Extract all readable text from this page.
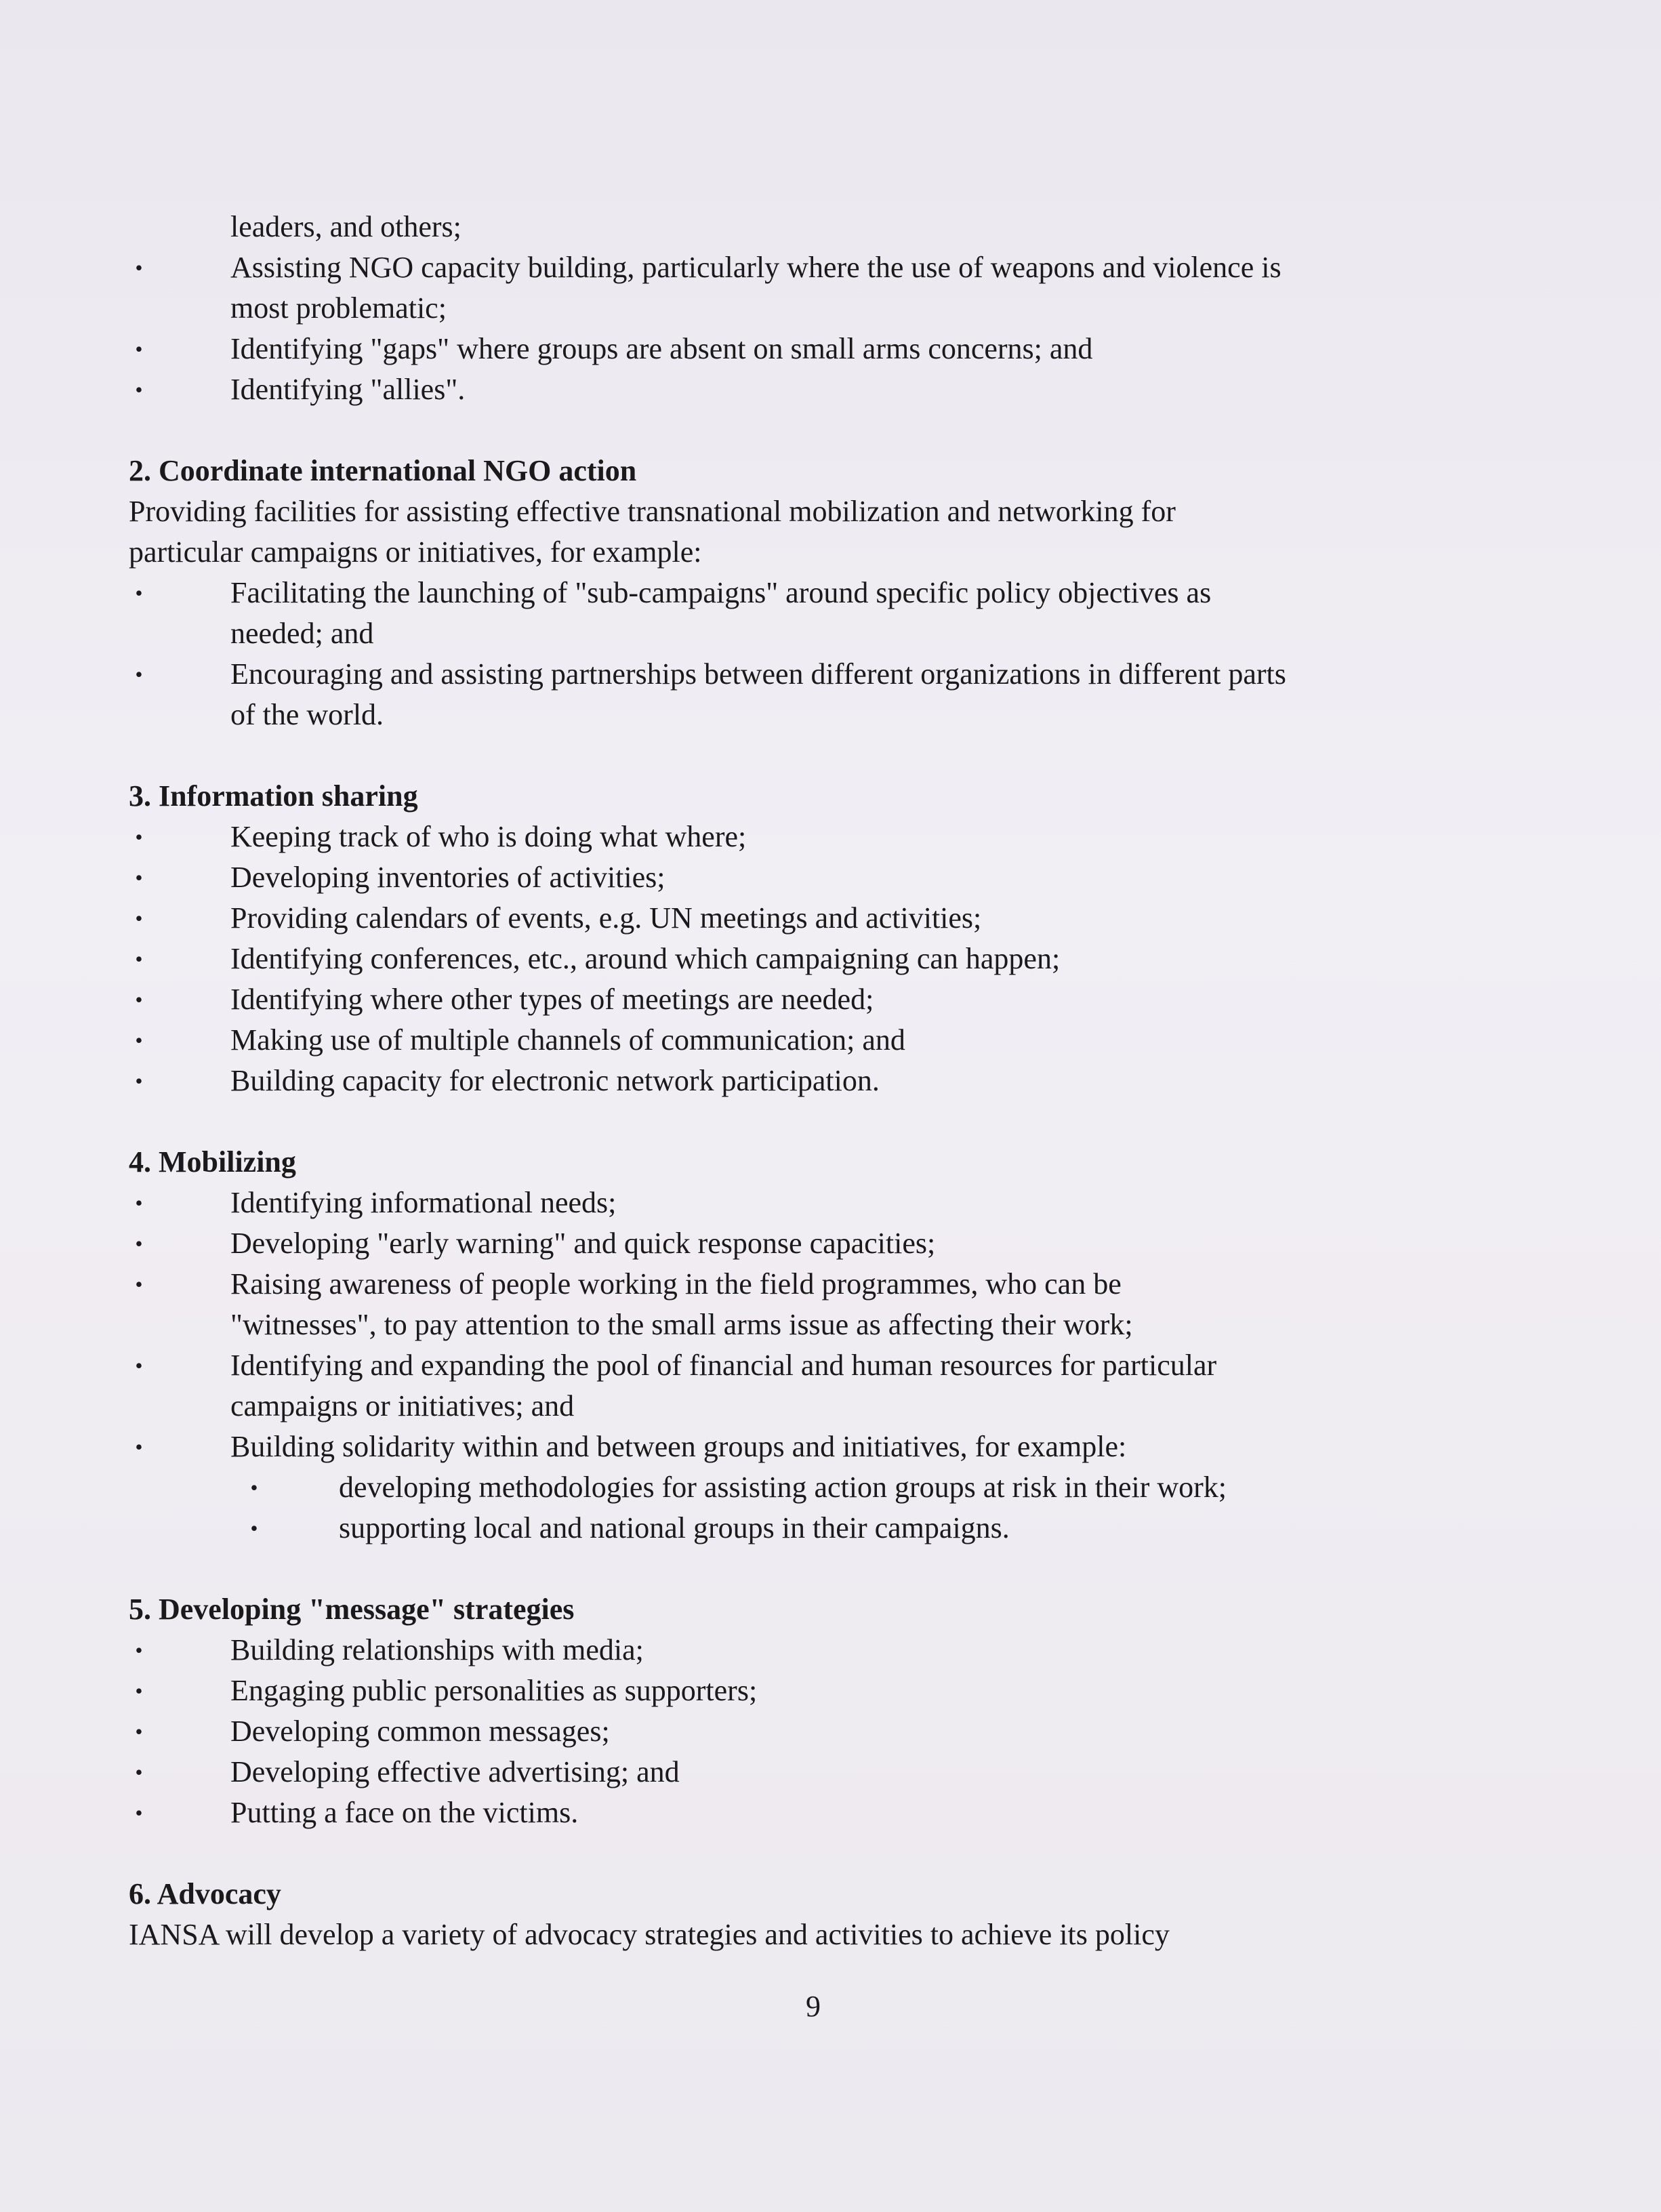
leaders, and others;
•	Assisting NGO capacity building, particularly where the use of weapons and violence is
most problematic;
•	Identifying "gaps" where groups are absent on small arms concerns; and
•	Identifying "allies".
2. Coordinate international NGO action
Providing facilities for assisting effective transnational mobilization and networking for
particular campaigns or initiatives, for example:
•	Facilitating the launching of "sub-campaigns" around specific policy objectives as
needed; and
•	Encouraging and assisting partnerships between different organizations in different parts
of the world.
3. Information sharing
•	Keeping track of who is doing what where;
•	Developing inventories of activities;
•	Providing calendars of events, e.g. UN meetings and activities;
•	Identifying conferences, etc., around which campaigning can happen;
•	Identifying where other types of meetings are needed;
•	Making use of multiple channels of communication; and
•	Building capacity for electronic network participation.
4. Mobilizing
•	Identifying informational needs;
•	Developing "early warning" and quick response capacities;
•	Raising awareness of people working in the field programmes, who can be
"witnesses", to pay attention to the small arms issue as affecting their work;
•	Identifying and expanding the pool of financial and human resources for particular
campaigns or initiatives; and
•	Building solidarity within and between groups and initiatives, for example:
•	developing methodologies for assisting action groups at risk in their work;
•	supporting local and national groups in their campaigns.
5. Developing "message" strategies
•	Building relationships with media;
•	Engaging public personalities as supporters;
•	Developing common messages;
•	Developing effective advertising; and
•	Putting a face on the victims.
6. Advocacy
IANSA will develop a variety of advocacy strategies and activities to achieve its policy
9
